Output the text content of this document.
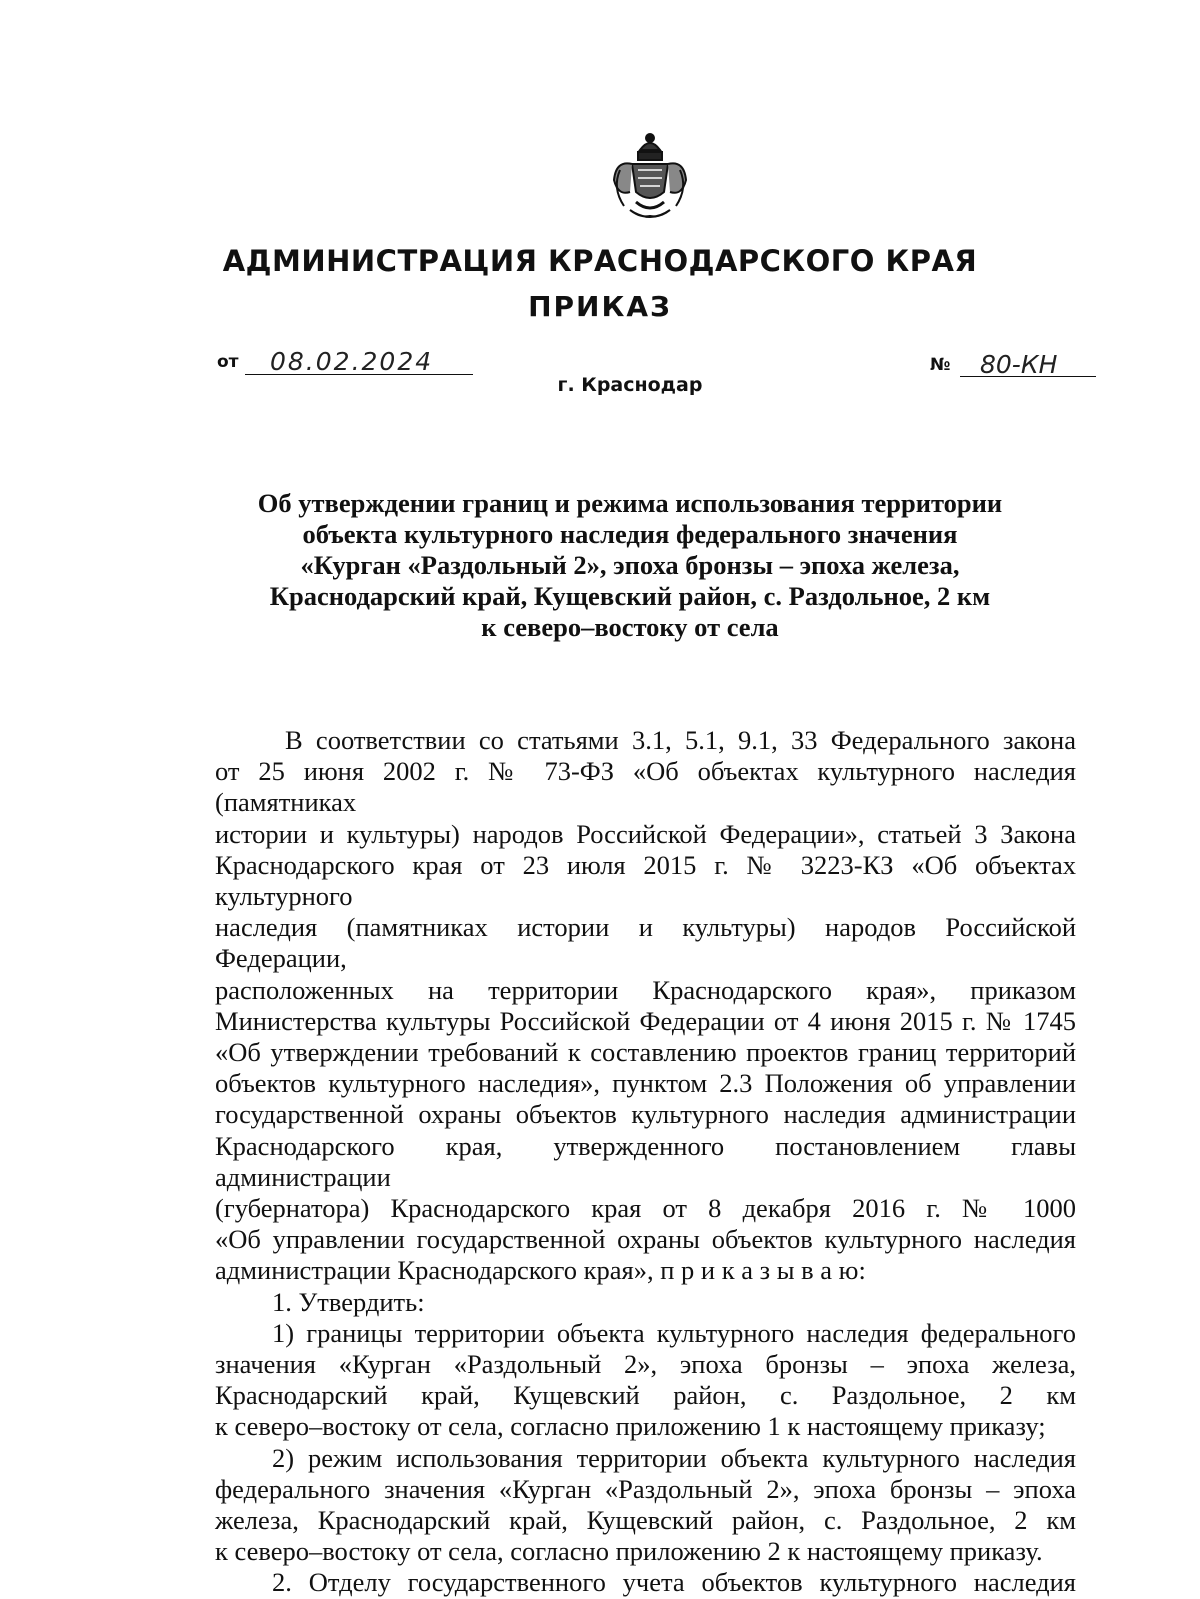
АДМИНИСТРАЦИЯ КРАСНОДАРСКОГО КРАЯ
ПРИКАЗ
от 08.02.2024	№ 80-КН
г. Краснодар
Об утверждении границ и режима использования территории
объекта культурного наследия федерального значения
«Курган «Раздольный 2», эпоха бронзы – эпоха железа,
Краснодарский край, Кущевский район, с. Раздольное, 2 км
к северо–востоку от села

В соответствии со статьями 3.1, 5.1, 9.1, 33 Федерального закона

от 25 июня 2002 г. № 73-ФЗ «Об объектах культурного наследия (памятниках

истории и культуры) народов Российской Федерации», статьей 3 Закона

Краснодарского края от 23 июля 2015 г. № 3223-КЗ «Об объектах культурного

наследия (памятниках истории и культуры) народов Российской Федерации,

расположенных на территории Краснодарского края», приказом

Министерства культуры Российской Федерации от 4 июня 2015 г. № 1745

«Об утверждении требований к составлению проектов границ территорий

объектов культурного наследия», пунктом 2.3 Положения об управлении

государственной охраны объектов культурного наследия администрации

Краснодарского края, утвержденного постановлением главы администрации

(губернатора) Краснодарского края от 8 декабря 2016 г. № 1000

«Об управлении государственной охраны объектов культурного наследия

администрации Краснодарского края», п р и к а з ы в а ю:

1. Утвердить:

1) границы территории объекта культурного наследия федерального

значения «Курган «Раздольный 2», эпоха бронзы – эпоха железа,

Краснодарский край, Кущевский район, с. Раздольное, 2 км

к северо–востоку от села, согласно приложению 1 к настоящему приказу;

2) режим использования территории объекта культурного наследия

федерального значения «Курган «Раздольный 2», эпоха бронзы – эпоха

железа, Краснодарский край, Кущевский район, с. Раздольное, 2 км

к северо–востоку от села, согласно приложению 2 к настоящему приказу.

2. Отделу государственного учета объектов культурного наследия
